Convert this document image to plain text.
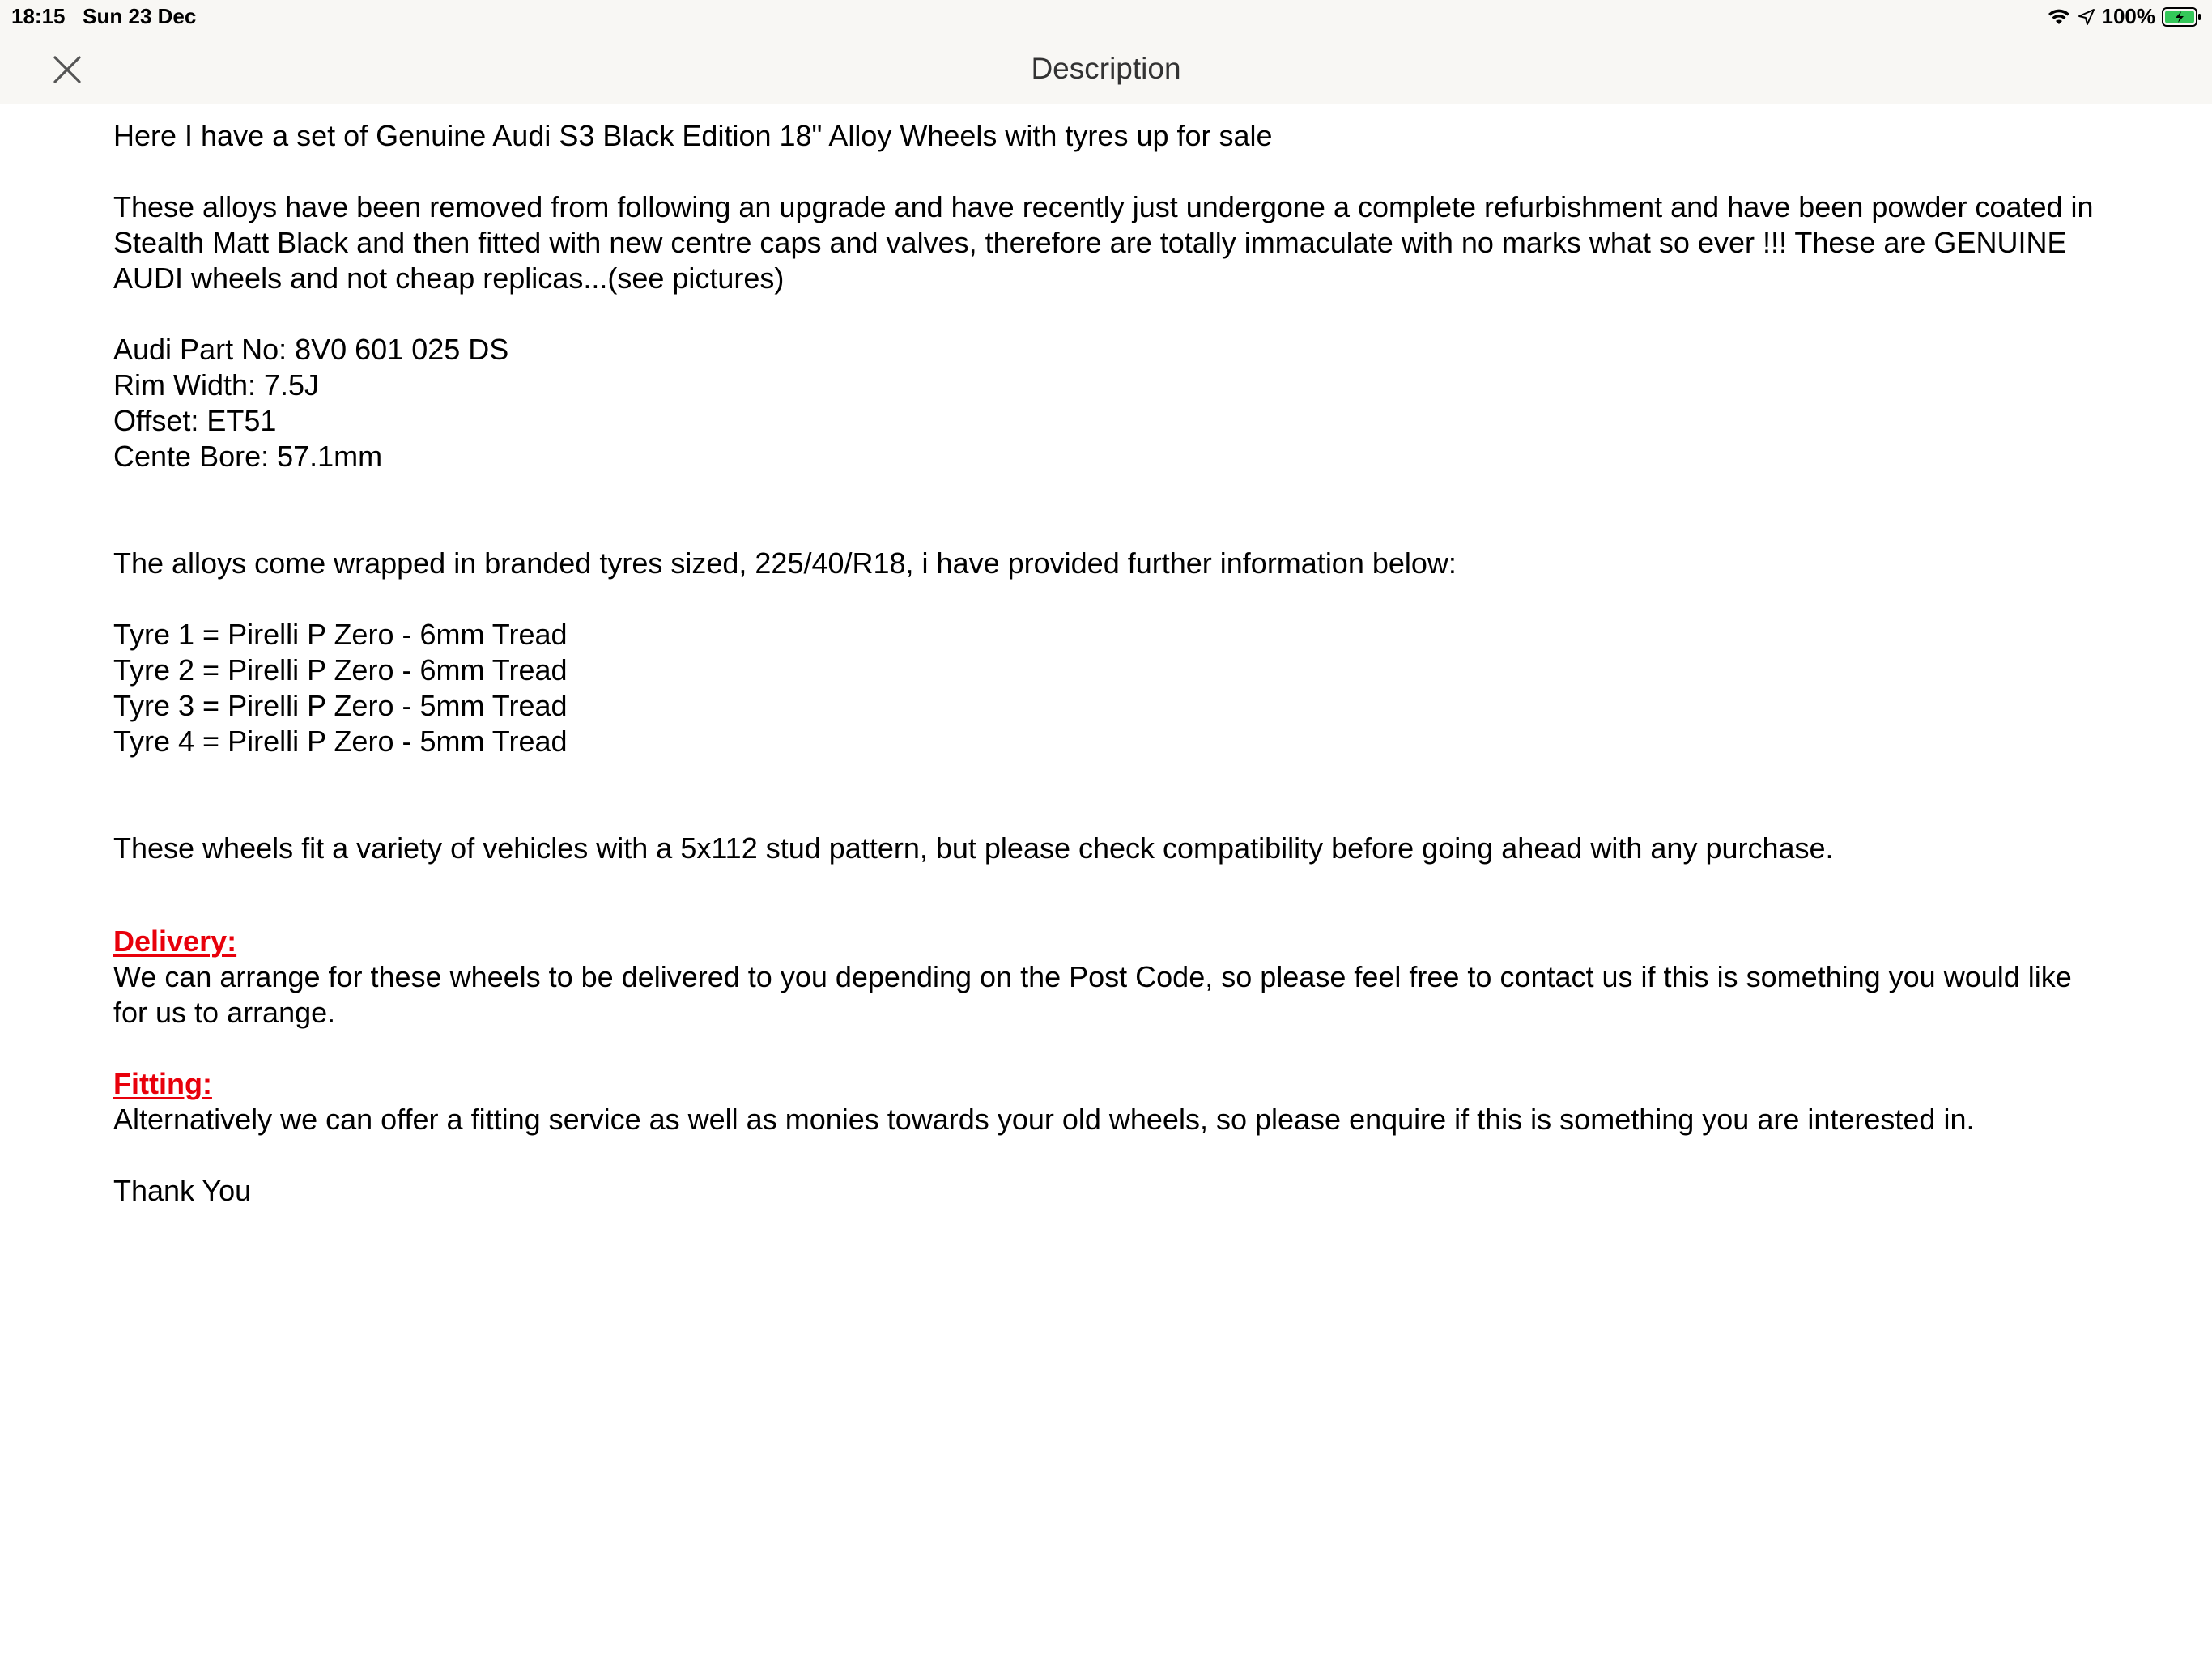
18:15 Sun 23 Dec	100%
Description

Here I have a set of Genuine Audi S3 Black Edition 18" Alloy Wheels with tyres up for sale

These alloys have been removed from following an upgrade and have recently just undergone a complete refurbishment and have been powder coated in Stealth Matt Black and then fitted with new centre caps and valves, therefore are totally immaculate with no marks what so ever !!! These are GENUINE AUDI wheels and not cheap replicas...(see pictures)

Audi Part No: 8V0 601 025 DS

Rim Width: 7.5J

Offset: ET51

Cente Bore: 57.1mm

The alloys come wrapped in branded tyres sized, 225/40/R18, i have provided further information below:

Tyre 1 = Pirelli P Zero - 6mm Tread

Tyre 2 = Pirelli P Zero - 6mm Tread

Tyre 3 = Pirelli P Zero - 5mm Tread

Tyre 4 = Pirelli P Zero - 5mm Tread

These wheels fit a variety of vehicles with a 5x112 stud pattern, but please check compatibility before going ahead with any purchase.

Delivery:

We can arrange for these wheels to be delivered to you depending on the Post Code, so please feel free to contact us if this is something you would like for us to arrange.

Fitting:

Alternatively we can offer a fitting service as well as monies towards your old wheels, so please enquire if this is something you are interested in.

Thank You
